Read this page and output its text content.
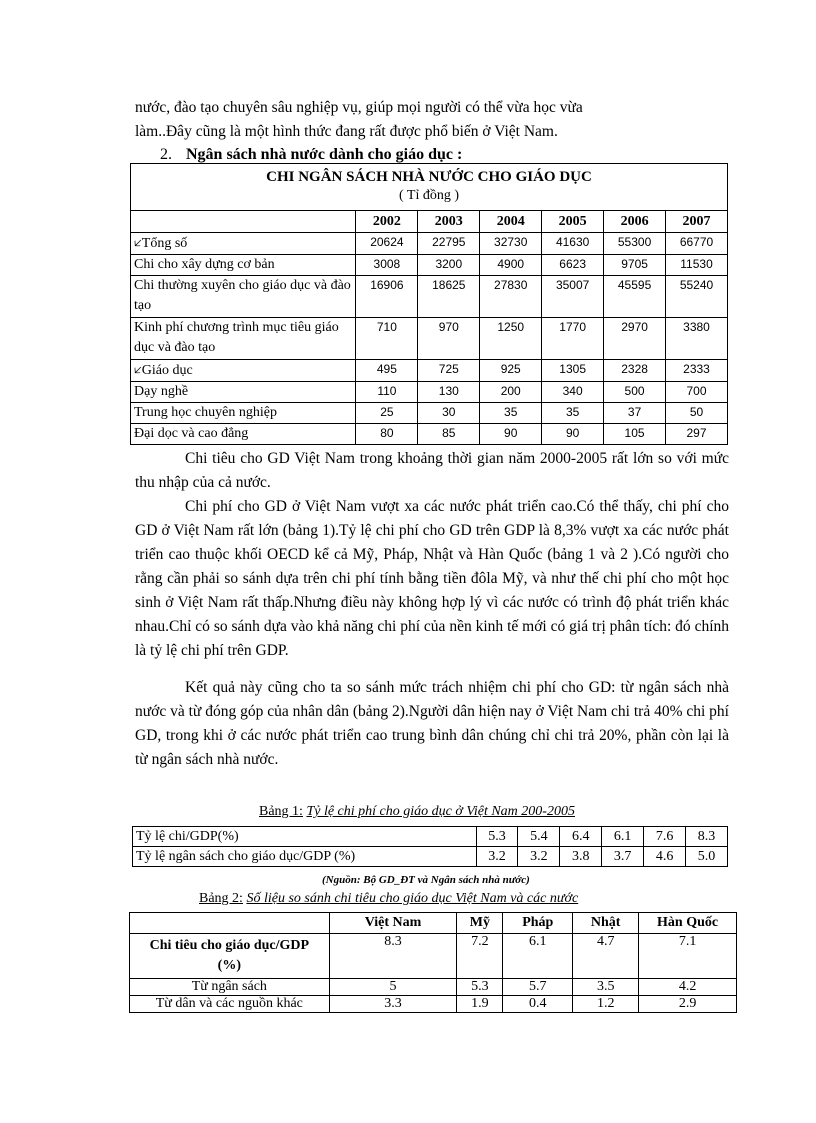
nước, đào tạo chuyên sâu nghiệp vụ, giúp mọi người có thể vừa học vừa
làm..Đây cũng là một hình thức đang rất được phổ biến ở Việt Nam.

2. Ngân sách nhà nước dành cho giáo dục :

CHI NGÂN SÁCH NHÀ NƯỚC CHO GIÁO DỤC
( Tỉ đồng )						
	2002	2003	2004	2005	2006	2007
🡧Tổng số	20624	22795	32730	41630	55300	66770
Chi cho xây dựng cơ bản	3008	3200	4900	6623	9705	11530
Chi thường xuyên cho giáo dục và đào tạo	16906	18625	27830	35007	45595	55240
Kinh phí chương trình mục tiêu giáo dục và đào tạo	710	970	1250	1770	2970	3380
🡧Giáo dục	495	725	925	1305	2328	2333
Dạy nghề	110	130	200	340	500	700
Trung học chuyên nghiệp	25	30	35	35	37	50
Đại dọc và cao đẳng	80	85	90	90	105	297

Chi tiêu cho GD Việt Nam trong khoảng thời gian năm 2000-2005 rất lớn so với mức thu nhập của cả nước.

Chi phí cho GD ở Việt Nam vượt xa các nước phát triển cao.Có thể thấy, chi phí cho GD ở Việt Nam rất lớn (bảng 1).Tỷ lệ chi phí cho GD trên GDP là 8,3% vượt xa các nước phát triển cao thuộc khối OECD kể cả Mỹ, Pháp, Nhật và Hàn Quốc (bảng 1 và 2 ).Có người cho rằng cần phải so sánh dựa trên chi phí tính bằng tiền đôla Mỹ, và như thế chi phí cho một học sinh ở Việt Nam rất thấp.Nhưng điều này không hợp lý vì các nước có trình độ phát triển khác nhau.Chỉ có so sánh dựa vào khả năng chi phí của nền kinh tế mới có giá trị phân tích: đó chính là tỷ lệ chi phí trên GDP.

Kết quả này cũng cho ta so sánh mức trách nhiệm chi phí cho GD: từ ngân sách nhà nước và từ đóng góp của nhân dân (bảng 2).Người dân hiện nay ở Việt Nam chi trả 40% chi phí GD, trong khi ở các nước phát triển cao trung bình dân chúng chỉ chi trả 20%, phần còn lại là từ ngân sách nhà nước.

Bảng 1: Tỷ lệ chi phí cho giáo dục ở Việt Nam 200-2005

Tỷ lệ chi/GDP(%)	5.3	5.4	6.4	6.1	7.6	8.3
Tỷ lệ ngân sách cho giáo dục/GDP (%)	3.2	3.2	3.8	3.7	4.6	5.0

(Nguồn: Bộ GD_ĐT và Ngân sách nhà nước)

Bảng 2: Số liệu so sánh chi tiêu cho giáo dục Việt Nam và các nước

	Việt Nam	Mỹ	Pháp	Nhật	Hàn Quốc
Chi tiêu cho giáo dục/GDP (%)	8.3	7.2	6.1	4.7	7.1
Từ ngân sách	5	5.3	5.7	3.5	4.2
Từ dân và các nguồn khác	3.3	1.9	0.4	1.2	2.9
